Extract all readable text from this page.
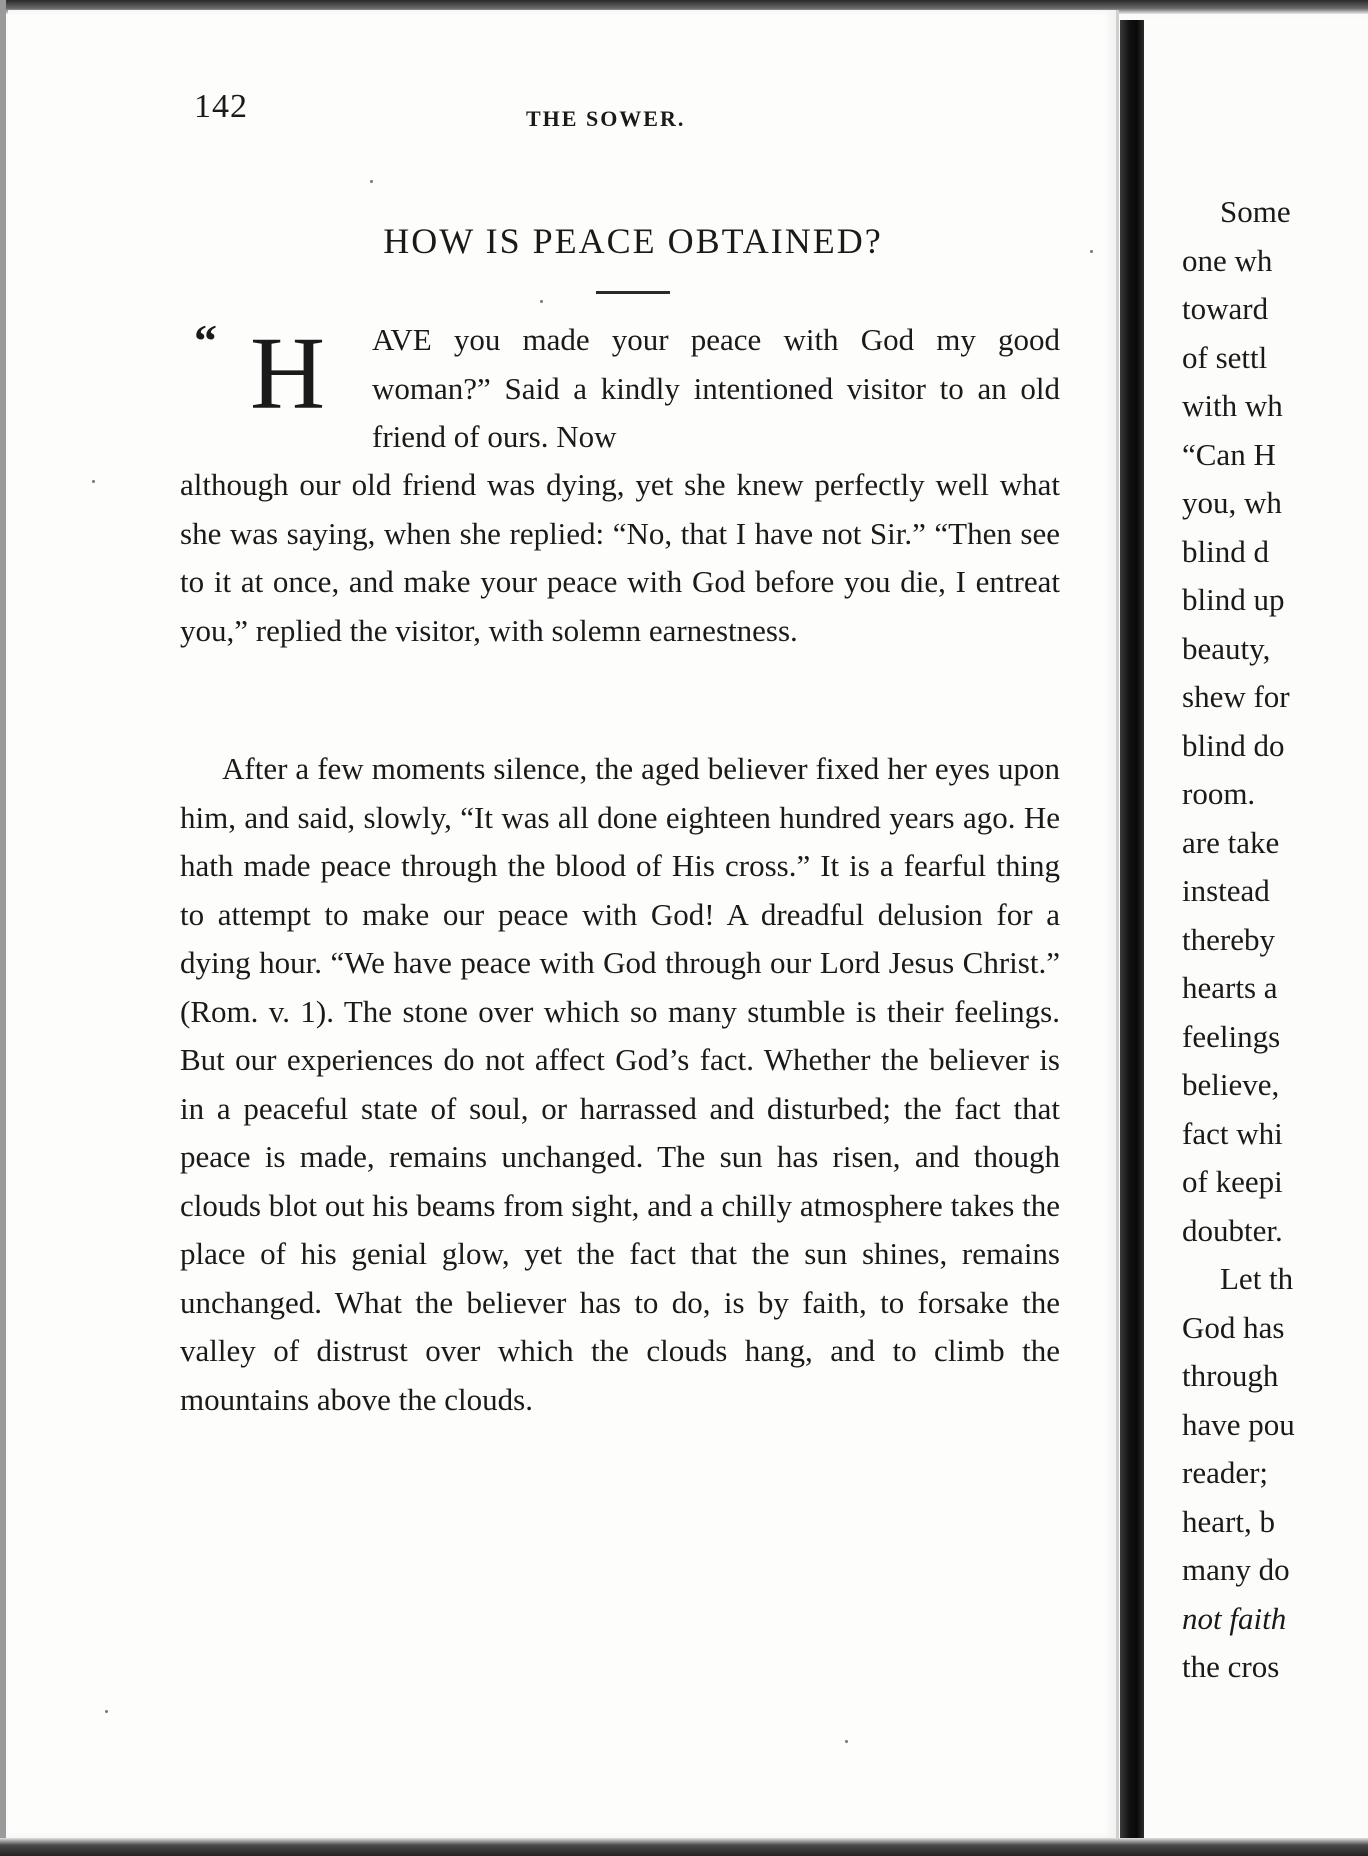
Some
one wh
toward
of settl
with wh
“Can H
you, wh
blind d
blind up
beauty,
shew for
blind do
room.
are take
instead
thereby
hearts a
feelings
believe,
fact whi
of keepi
doubter.
Let th
God has
through
have pou
reader;
heart, b
many do
not faith
the cros
142	THE SOWER.
HOW IS PEACE OBTAINED?
“ H AVE you made your peace with God my good woman?” Said a kindly intentioned visitor to an old friend of ours. Now
although our old friend was dying, yet she knew perfectly well what she was saying, when she replied: “No, that I have not Sir.” “Then see to it at once, and make your peace with God before you die, I entreat you,” replied the visitor, with solemn earnestness.
After a few moments silence, the aged believer fixed her eyes upon him, and said, slowly, “It was all done eighteen hundred years ago. He hath made peace through the blood of His cross.” It is a fearful thing to attempt to make our peace with God! A dreadful delusion for a dying hour. “We have peace with God through our Lord Jesus Christ.” (Rom. v. 1). The stone over which so many stumble is their feelings. But our experiences do not affect God’s fact. Whether the believer is in a peaceful state of soul, or harrassed and disturbed; the fact that peace is made, remains unchanged. The sun has risen, and though clouds blot out his beams from sight, and a chilly atmosphere takes the place of his genial glow, yet the fact that the sun shines, remains unchanged. What the believer has to do, is by faith, to forsake the valley of distrust over which the clouds hang, and to climb the mountains above the clouds.
